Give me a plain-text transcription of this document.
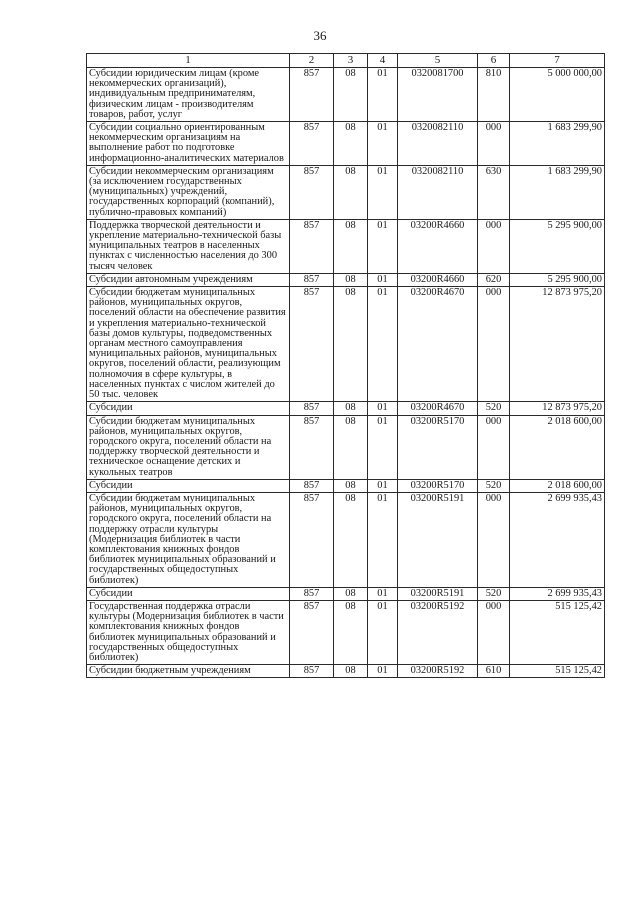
36
1	2	3	4	5	6	7
Субсидии юридическим лицам (кроме некоммерческих организаций), индивидуальным предпринимателям, физическим лицам - производителям товаров, работ, услуг	857	08	01	0320081700	810	5 000 000,00
Субсидии социально ориентированным некоммерческим организациям на выполнение работ по подготовке информационно-аналитических материалов	857	08	01	0320082110	000	1 683 299,90
Субсидии некоммерческим организациям (за исключением государственных (муниципальных) учреждений, государственных корпораций (компаний), публично-правовых компаний)	857	08	01	0320082110	630	1 683 299,90
Поддержка творческой деятельности и укрепление материально-технической базы муниципальных театров в населенных пунктах с численностью населения до 300 тысяч человек	857	08	01	03200R4660	000	5 295 900,00
Субсидии автономным учреждениям	857	08	01	03200R4660	620	5 295 900,00
Субсидии бюджетам муниципальных районов, муниципальных округов, поселений области на обеспечение развития и укрепления материально-технической базы домов культуры, подведомственных органам местного самоуправления муниципальных районов, муниципальных округов, поселений области, реализующим полномочия в сфере культуры, в населенных пунктах с числом жителей до 50 тыс. человек	857	08	01	03200R4670	000	12 873 975,20
Субсидии	857	08	01	03200R4670	520	12 873 975,20
Субсидии бюджетам муниципальных районов, муниципальных округов, городского округа, поселений области на поддержку творческой деятельности и техническое оснащение детских и кукольных театров	857	08	01	03200R5170	000	2 018 600,00
Субсидии	857	08	01	03200R5170	520	2 018 600,00
Субсидии бюджетам муниципальных районов, муниципальных округов, городского округа, поселений области на поддержку отрасли культуры (Модернизация библиотек в части комплектования книжных фондов библиотек муниципальных образований и государственных общедоступных библиотек)	857	08	01	03200R5191	000	2 699 935,43
Субсидии	857	08	01	03200R5191	520	2 699 935,43
Государственная поддержка отрасли культуры (Модернизация библиотек в части комплектования книжных фондов библиотек муниципальных образований и государственных общедоступных библиотек)	857	08	01	03200R5192	000	515 125,42
Субсидии бюджетным учреждениям	857	08	01	03200R5192	610	515 125,42
